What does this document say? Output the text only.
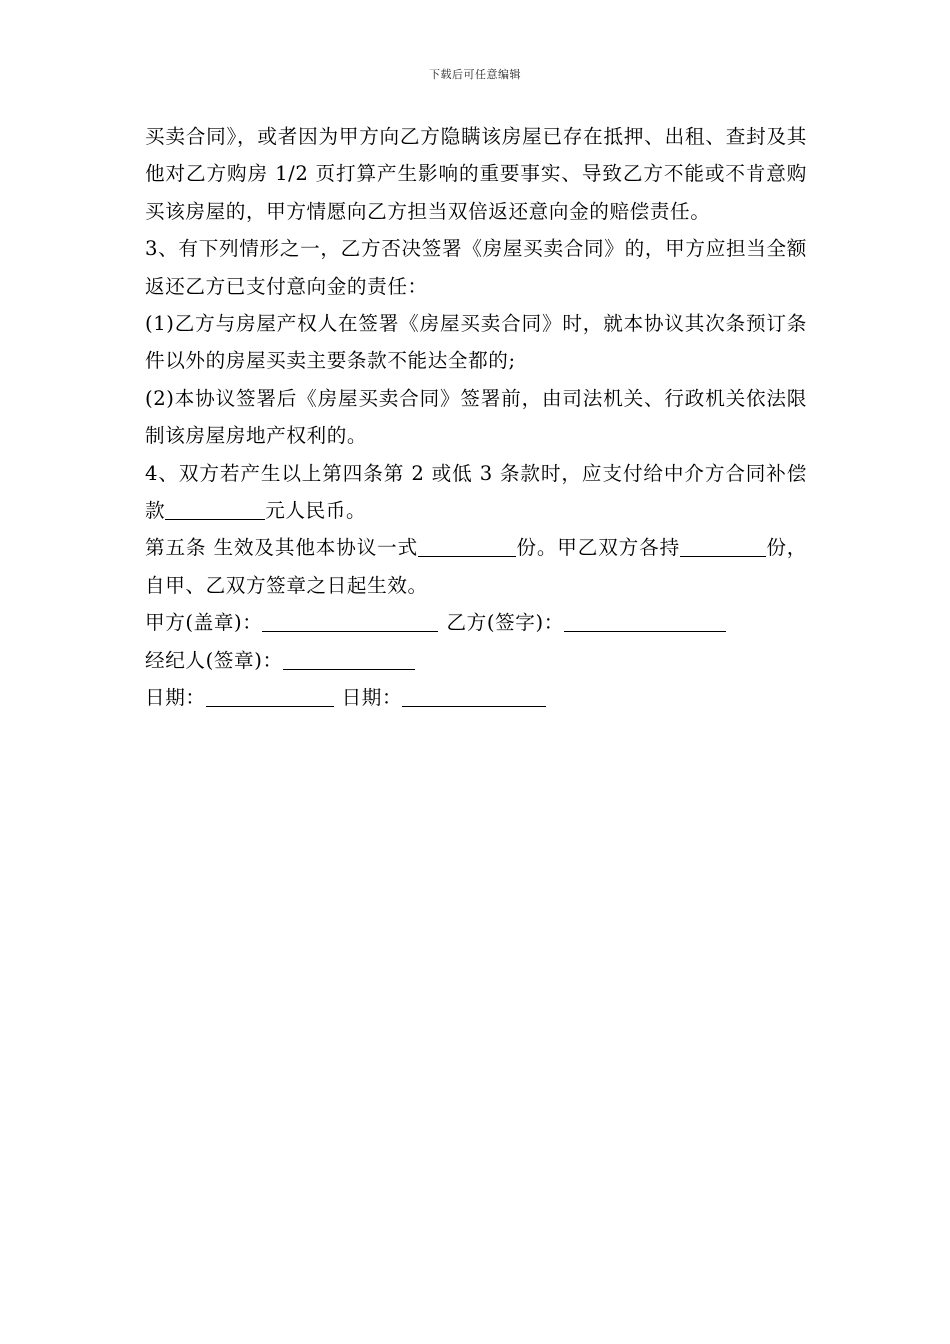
下载后可任意编辑

买卖合同》，或者因为甲方向乙方隐瞒该房屋已存在抵押、出租、查封及其他对乙方购房 1/2 页打算产生影响的重要事实、导致乙方不能或不肯意购买该房屋的，甲方情愿向乙方担当双倍返还意向金的赔偿责任。

3、有下列情形之一，乙方否决签署《房屋买卖合同》的，甲方应担当全额返还乙方已支付意向金的责任：

(1)乙方与房屋产权人在签署《房屋买卖合同》时，就本协议其次条预订条件以外的房屋买卖主要条款不能达全都的;

(2)本协议签署后《房屋买卖合同》签署前，由司法机关、行政机关依法限制该房屋房地产权利的。

4、双方若产生以上第四条第 2 或低 3 条款时，应支付给中介方合同补偿款	元人民币。

第五条 生效及其他本协议一式	份。甲乙双方各持	份，自甲、乙双方签章之日起生效。

甲方(盖章)：	乙方(签字)：

经纪人(签章)：

日期：	日期：
